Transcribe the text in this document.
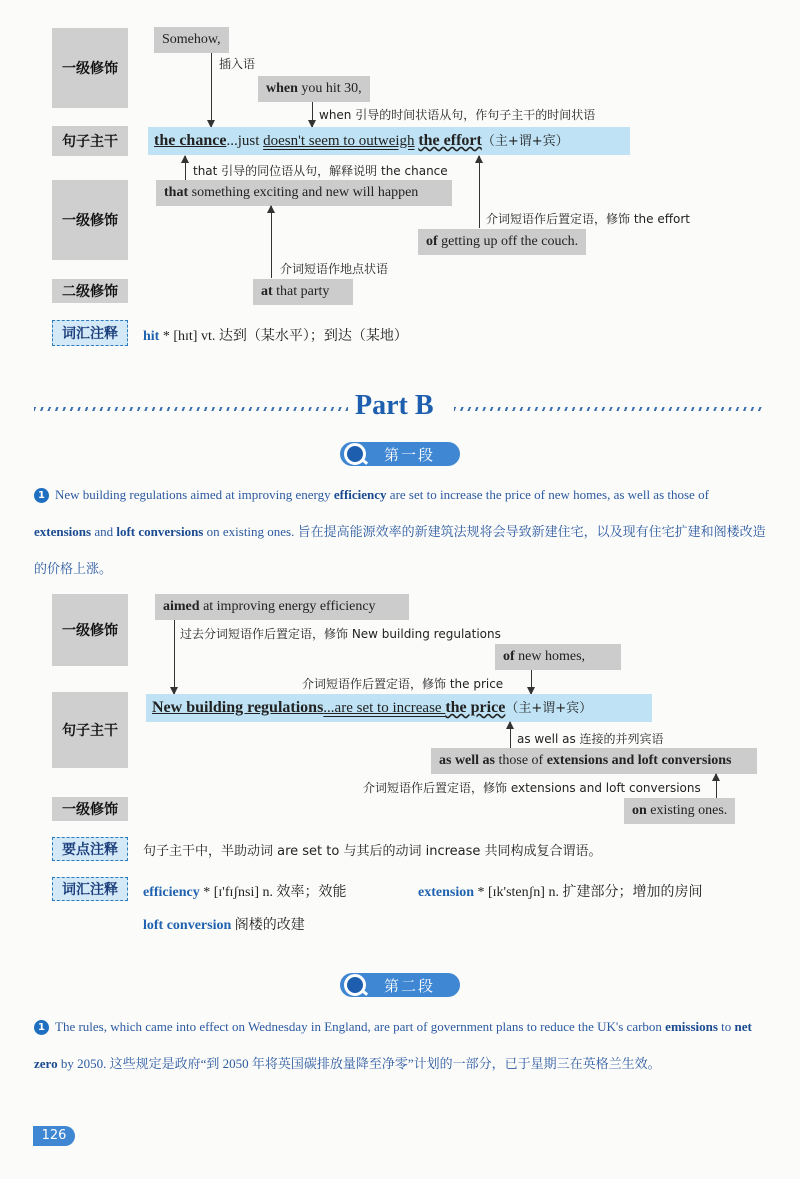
一级修饰
句子主干
一级修饰
二级修饰
词汇注释
Somehow,
插入语
when you hit 30,
when 引导的时间状语从句，作句子主干的时间状语
the chance...just doesn't seem to outweigh the effort（主+谓+宾）
that 引导的同位语从句，解释说明 the chance
that something exciting and new will happen
介词短语作后置定语，修饰 the effort
of getting up off the couch.
介词短语作地点状语
at that party
hit * [hɪt] vt. 达到（某水平）；到达（某地）
Part B
第一段
1 New building regulations aimed at improving energy efficiency are set to increase the price of new homes, as well as those of extensions and loft conversions on existing ones. 旨在提高能源效率的新建筑法规将会导致新建住宅，以及现有住宅扩建和阁楼改造的价格上涨。
一级修饰
句子主干
一级修饰
要点注释
词汇注释
aimed at improving energy efficiency
过去分词短语作后置定语，修饰 New building regulations
of new homes,
介词短语作后置定语，修饰 the price
New building regulations...are set to increase the price（主+谓+宾）
as well as 连接的并列宾语
as well as those of extensions and loft conversions
介词短语作后置定语，修饰 extensions and loft conversions
on existing ones.
句子主干中，半助动词 are set to 与其后的动词 increase 共同构成复合谓语。
efficiency * [ɪ'fɪʃnsi] n. 效率；效能	extension * [ɪk'stenʃn] n. 扩建部分；增加的房间
loft conversion 阁楼的改建
第二段
1 The rules, which came into effect on Wednesday in England, are part of government plans to reduce the UK's carbon emissions to net zero by 2050. 这些规定是政府“到 2050 年将英国碳排放量降至净零”计划的一部分，已于星期三在英格兰生效。
126
